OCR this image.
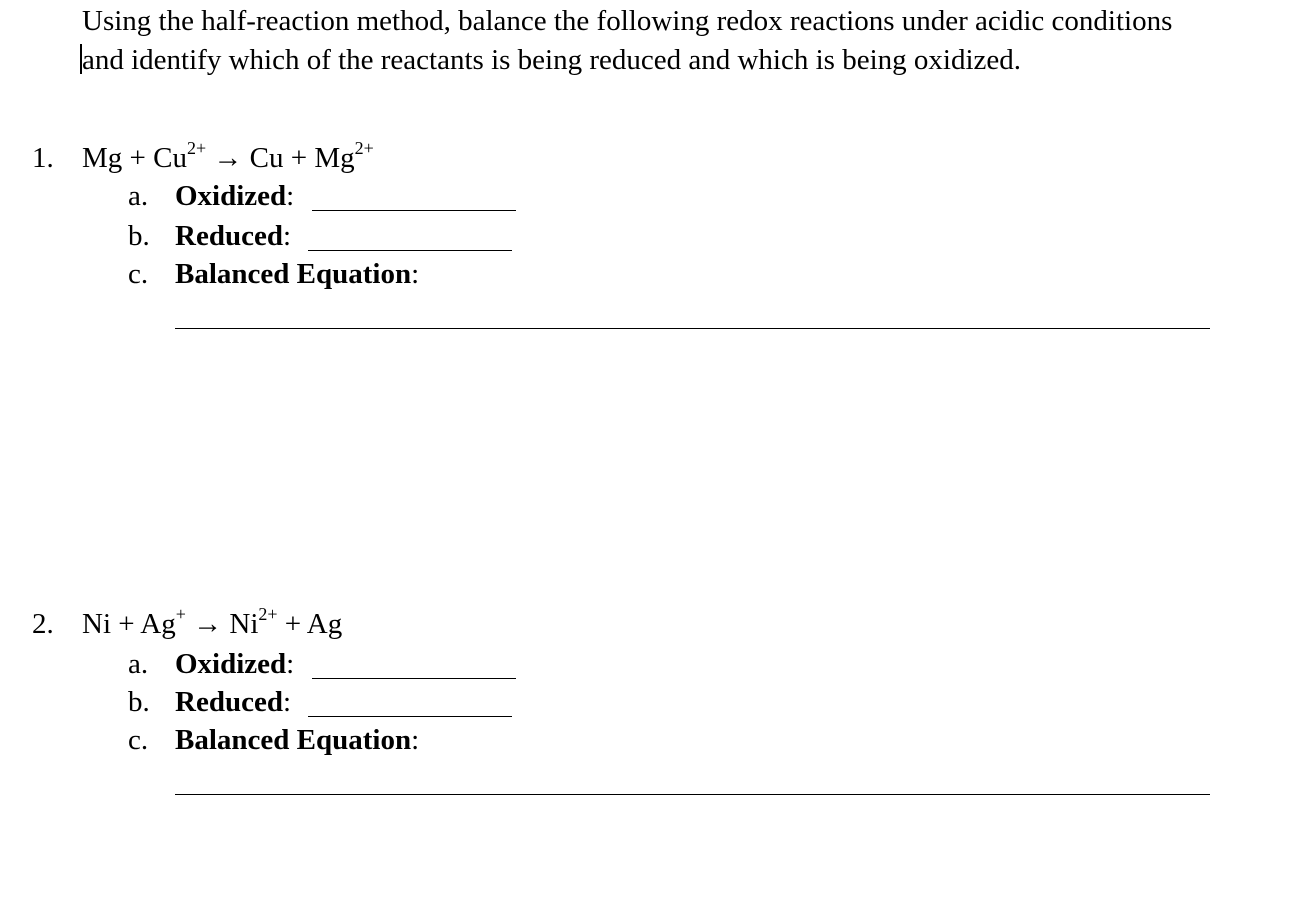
Using the half-reaction method, balance the following redox reactions under acidic conditions and identify which of the reactants is being reduced and which is being oxidized.

1. $Mg + Cu^{2+} \to Cu + Mg^{2+}$
a. Oxidized:
b. Reduced:
c. Balanced Equation:
2. $Ni + Ag^+ \to Ni^{2+} + Ag$
a. Oxidized:
b. Reduced:
c. Balanced Equation:
